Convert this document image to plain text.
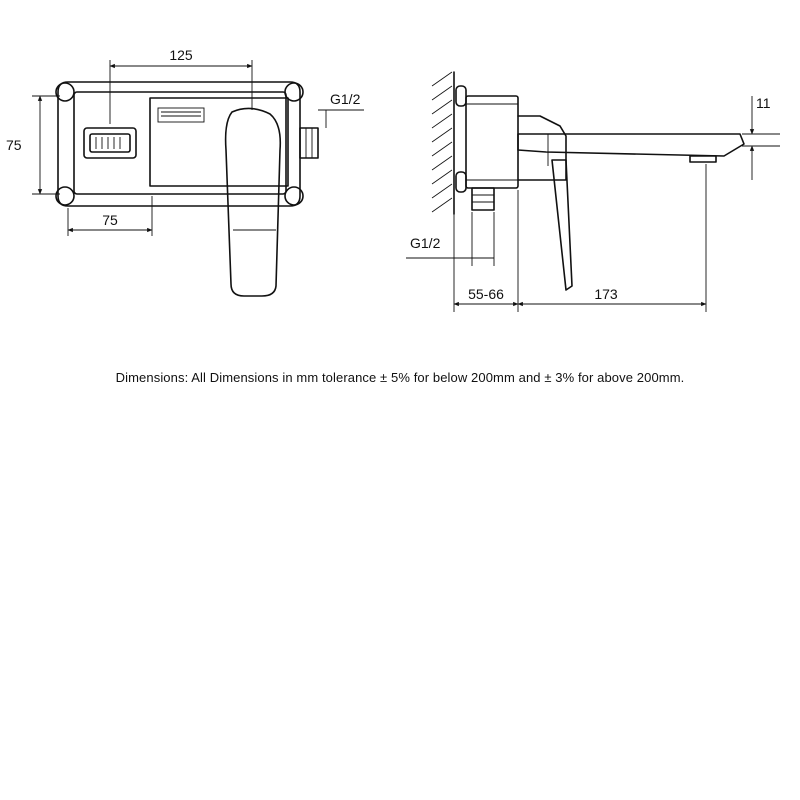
125
75
75
G1/2	11
G1/2
55-66	173
Dimensions: All Dimensions in mm tolerance ± 5% for below 200mm and ± 3% for above 200mm.
